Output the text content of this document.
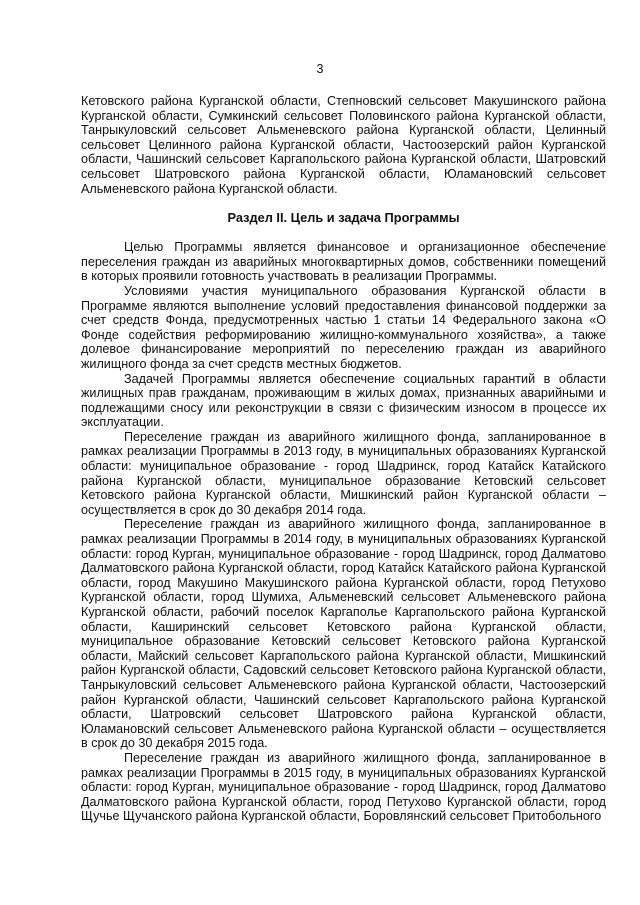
3

Кетовского района Курганской области, Степновский сельсовет Макушинского района Курганской области, Сумкинский сельсовет Половинского района Курганской области, Танрыкуловский сельсовет Альменевского района Курганской области, Целинный сельсовет Целинного района Курганской области, Частоозерский район Курганской области, Чашинский сельсовет Каргапольского района Курганской области, Шатровский сельсовет Шатровского района Курганской области, Юламановский сельсовет Альменевского района Курганской области.

Раздел II. Цель и задача Программы

Целью Программы является финансовое и организационное обеспечение переселения граждан из аварийных многоквартирных домов, собственники помещений в которых проявили готовность участвовать в реализации Программы.

Условиями участия муниципального образования Курганской области в Программе являются выполнение условий предоставления финансовой поддержки за счет средств Фонда, предусмотренных частью 1 статьи 14 Федерального закона «О Фонде содействия реформированию жилищно-коммунального хозяйства», а также долевое финансирование мероприятий по переселению граждан из аварийного жилищного фонда за счет средств местных бюджетов.

Задачей Программы является обеспечение социальных гарантий в области жилищных прав гражданам, проживающим в жилых домах, признанных аварийными и подлежащими сносу или реконструкции в связи с физическим износом в процессе их эксплуатации.

Переселение граждан из аварийного жилищного фонда, запланированное в рамках реализации Программы в 2013 году, в муниципальных образованиях Курганской области: муниципальное образование - город Шадринск, город Катайск Катайского района Курганской области, муниципальное образование Кетовский сельсовет Кетовского района Курганской области, Мишкинский район Курганской области – осуществляется в срок до 30 декабря 2014 года.

Переселение граждан из аварийного жилищного фонда, запланированное в рамках реализации Программы в 2014 году, в муниципальных образованиях Курганской области: город Курган, муниципальное образование - город Шадринск, город Далматово Далматовского района Курганской области, город Катайск Катайского района Курганской области, город Макушино Макушинского района Курганской области, город Петухово Курганской области, город Шумиха, Альменевский сельсовет Альменевского района Курганской области, рабочий поселок Каргаполье Каргапольского района Курганской области, Каширинский сельсовет Кетовского района Курганской области, муниципальное образование Кетовский сельсовет Кетовского района Курганской области, Майский сельсовет Каргапольского района Курганской области, Мишкинский район Курганской области, Садовский сельсовет Кетовского района Курганской области, Танрыкуловский сельсовет Альменевского района Курганской области, Частоозерский район Курганской области, Чашинский сельсовет Каргапольского района Курганской области, Шатровский сельсовет Шатровского района Курганской области, Юламановский сельсовет Альменевского района Курганской области – осуществляется в срок до 30 декабря 2015 года.

Переселение граждан из аварийного жилищного фонда, запланированное в рамках реализации Программы в 2015 году, в муниципальных образованиях Курганской области: город Курган, муниципальное образование - город Шадринск, город Далматово Далматовского района Курганской области, город Петухово Курганской области, город Щучье Щучанского района Курганской области, Боровлянский сельсовет Притобольного
